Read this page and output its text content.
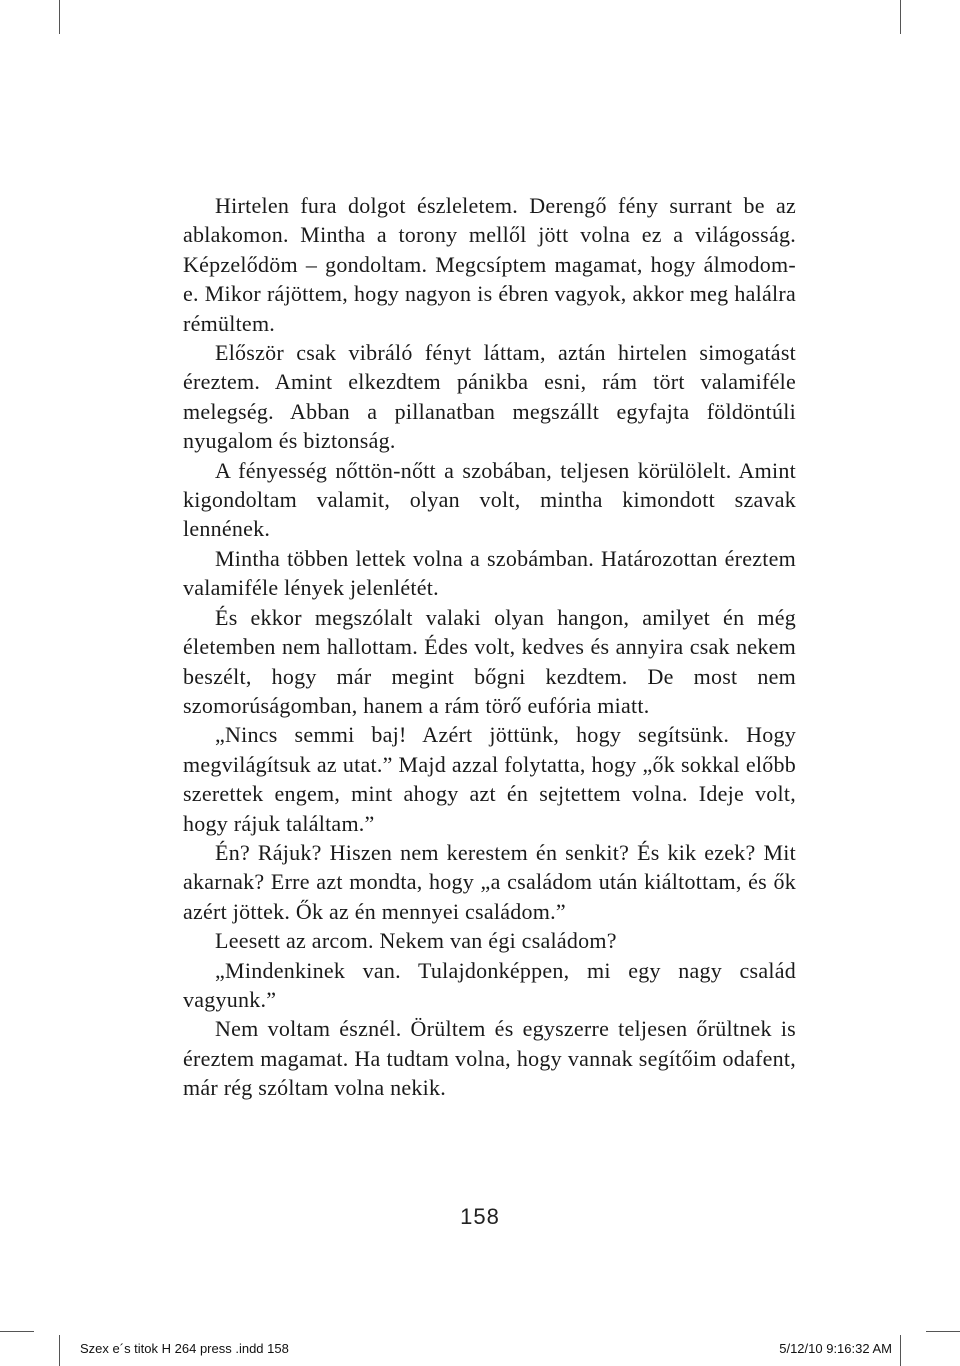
Hirtelen fura dolgot észleletem. Derengő fény surrant be az ablakomon. Mintha a torony mellől jött volna ez a világosság. Képzelődöm – gondoltam. Megcsíptem magamat, hogy álmodom-e. Mikor rájöttem, hogy nagyon is ébren vagyok, akkor meg halálra rémültem.

Először csak vibráló fényt láttam, aztán hirtelen simogatást éreztem. Amint elkezdtem pánikba esni, rám tört valamiféle melegség. Abban a pillanatban megszállt egyfajta földöntúli nyugalom és biztonság.

A fényesség nőttön-nőtt a szobában, teljesen körülölelt. Amint kigondoltam valamit, olyan volt, mintha kimondott szavak lennének.

Mintha többen lettek volna a szobámban. Határozottan éreztem valamiféle lények jelenlétét.

És ekkor megszólalt valaki olyan hangon, amilyet én még életemben nem hallottam. Édes volt, kedves és annyira csak nekem beszélt, hogy már megint bőgni kezdtem. De most nem szomorúságomban, hanem a rám törő eufória miatt.

„Nincs semmi baj! Azért jöttünk, hogy segítsünk. Hogy megvilágítsuk az utat.” Majd azzal folytatta, hogy „ők sokkal előbb szerettek engem, mint ahogy azt én sejtettem volna. Ideje volt, hogy rájuk találtam.”

Én? Rájuk? Hiszen nem kerestem én senkit? És kik ezek? Mit akarnak? Erre azt mondta, hogy „a családom után kiáltottam, és ők azért jöttek. Ők az én mennyei családom.”

Leesett az arcom. Nekem van égi családom?

„Mindenkinek van. Tulajdonképpen, mi egy nagy család vagyunk.”

Nem voltam észnél. Örültem és egyszerre teljesen őrültnek is éreztem magamat. Ha tudtam volna, hogy vannak segítőim odafent, már rég szóltam volna nekik.

158
Szex e´s titok H 264 press .indd 158	5/12/10 9:16:32 AM
